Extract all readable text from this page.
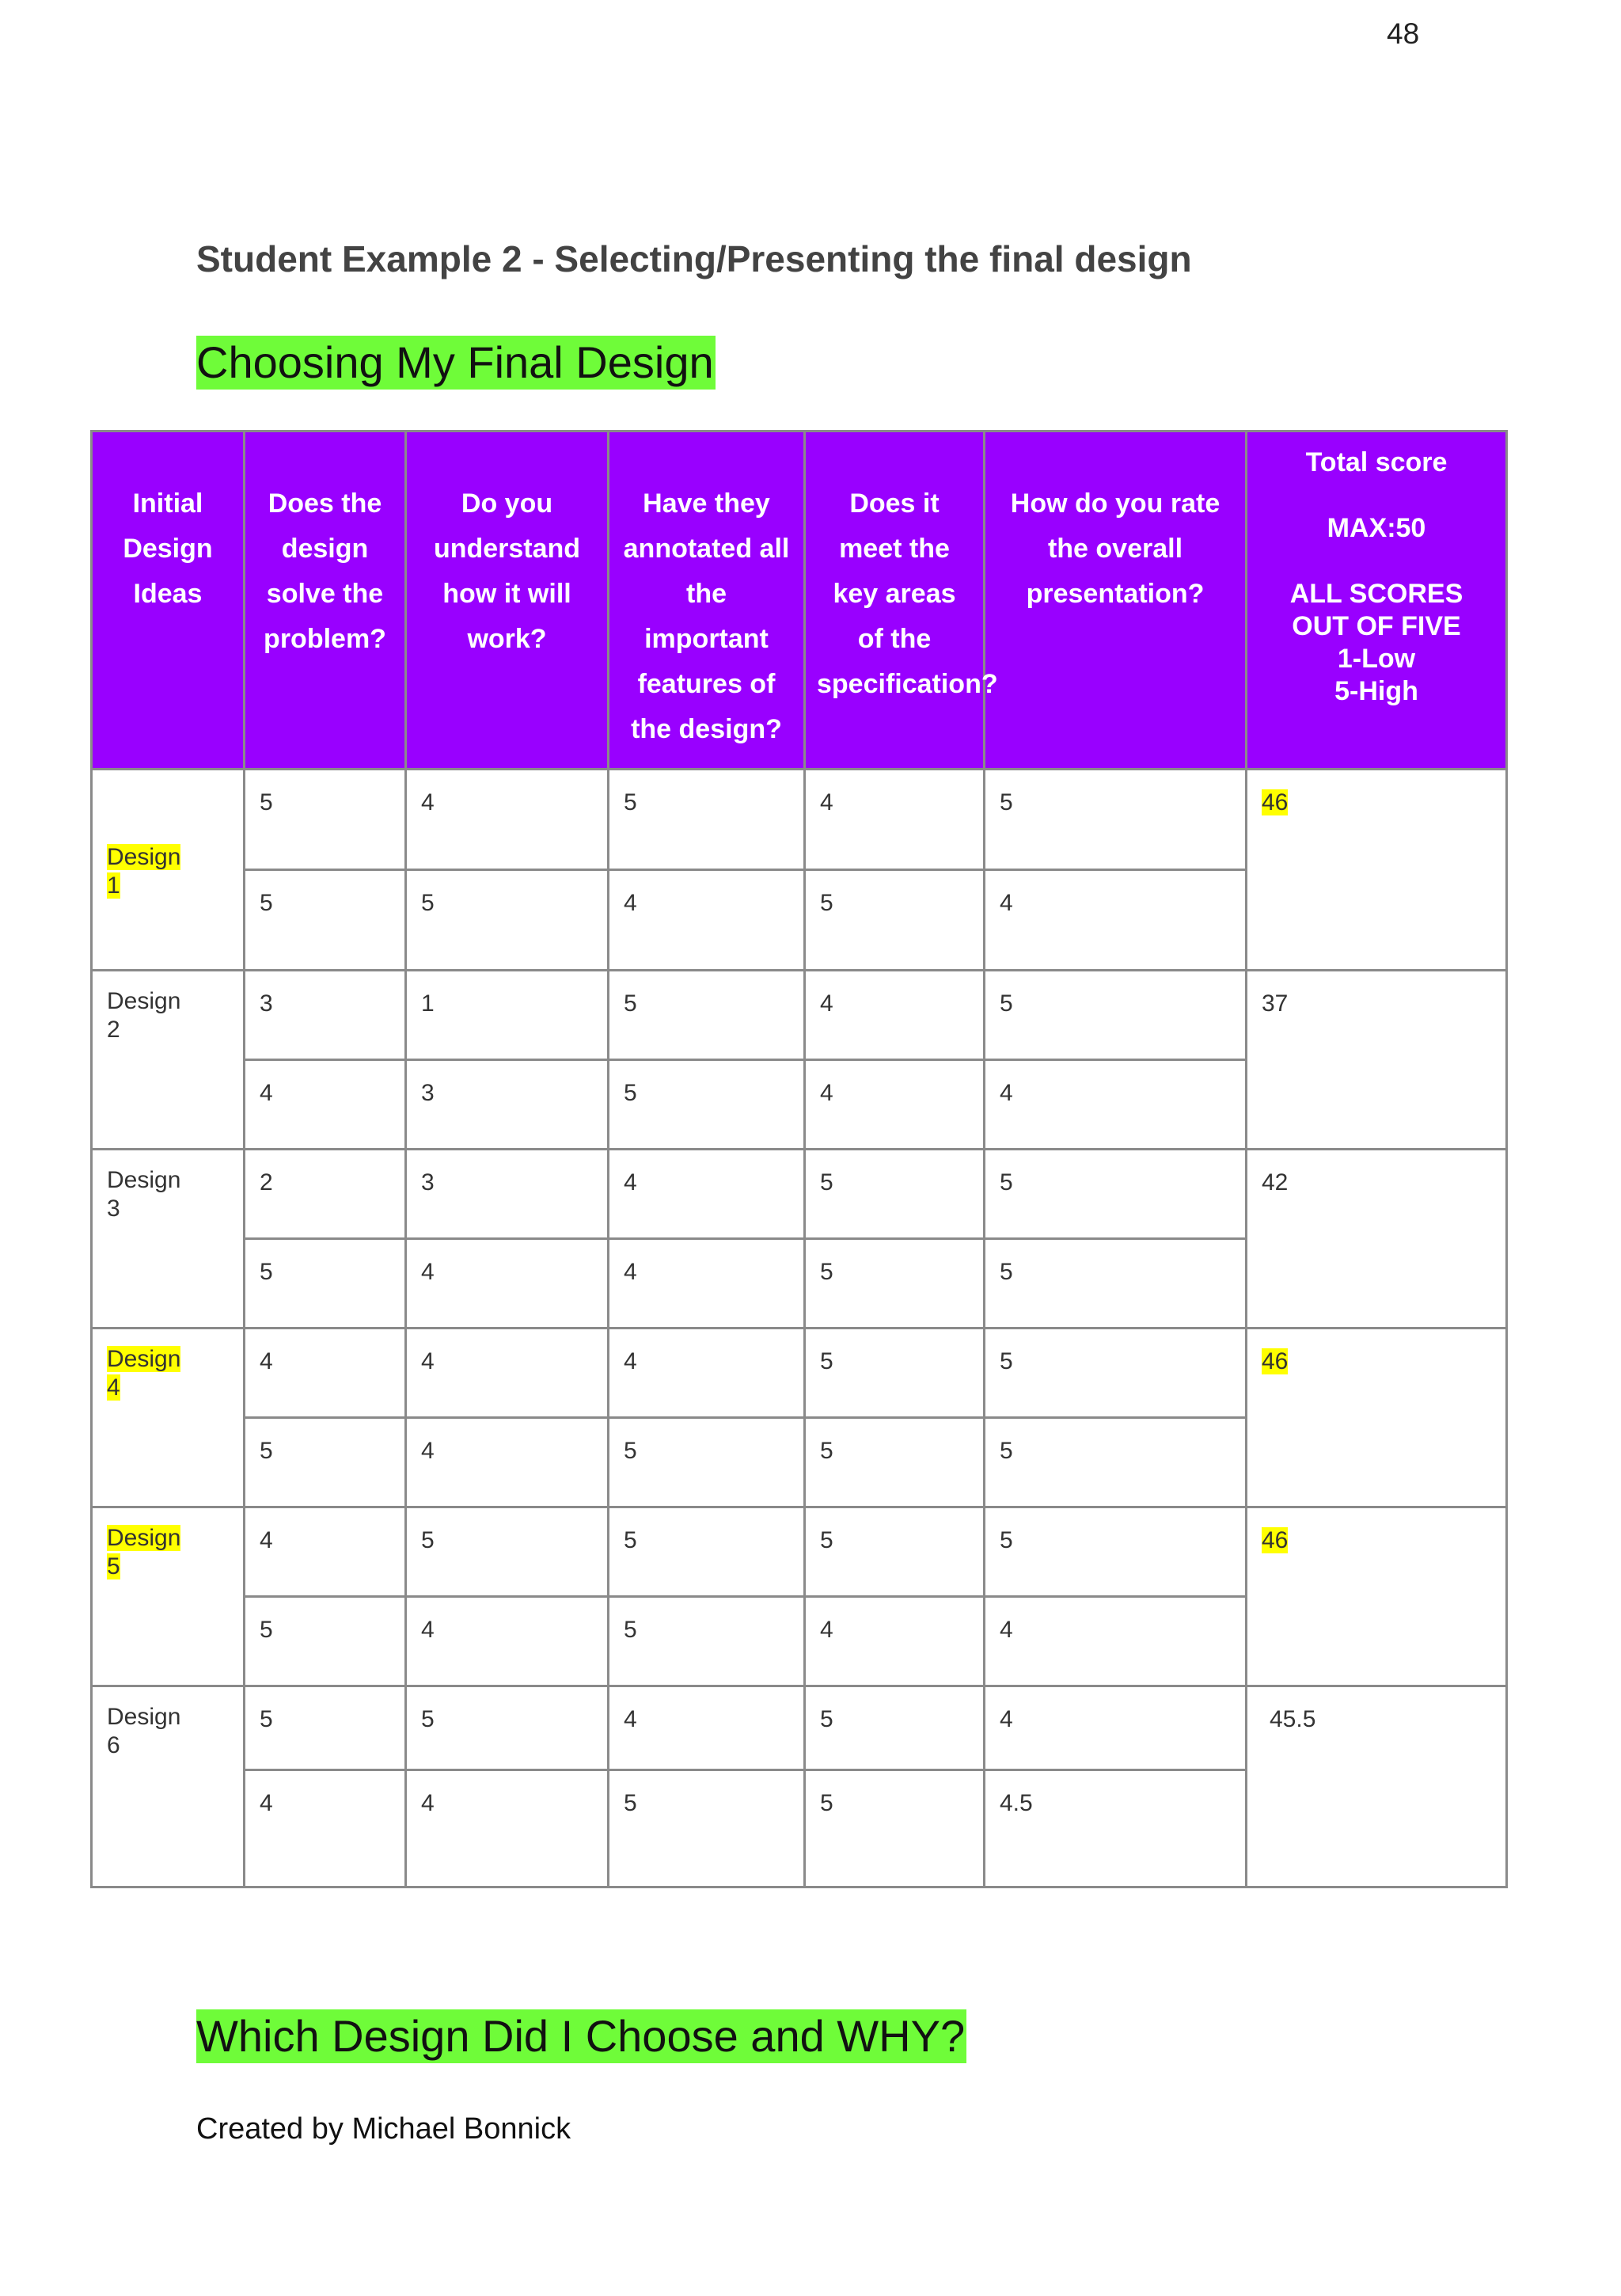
48
Student Example 2 - Selecting/Presenting the final design
Choosing My Final Design
Initial Design Ideas	Does the design solve the problem?	Do you understand how it will work?	Have they annotated all the important features of the design?	Does it meet the key areas of the specification?	How do you rate the overall presentation?	Total score
MAX:50
ALL SCORES OUT OF FIVE
1-Low
5-High

Design 1	5	4	5	4	5	46
	5	5	4	5	4	
Design 2	3	1	5	4	5	37
	4	3	5	4	4	
Design 3	2	3	4	5	5	42
	5	4	4	5	5	
Design 4	4	4	4	5	5	46
	5	4	5	5	5	
Design 5	4	5	5	5	5	46
	5	4	5	4	4	
Design 6	5	5	4	5	4	45.5
	4	4	5	5	4.5	
Which Design Did I Choose and WHY?

Created by Michael Bonnick
